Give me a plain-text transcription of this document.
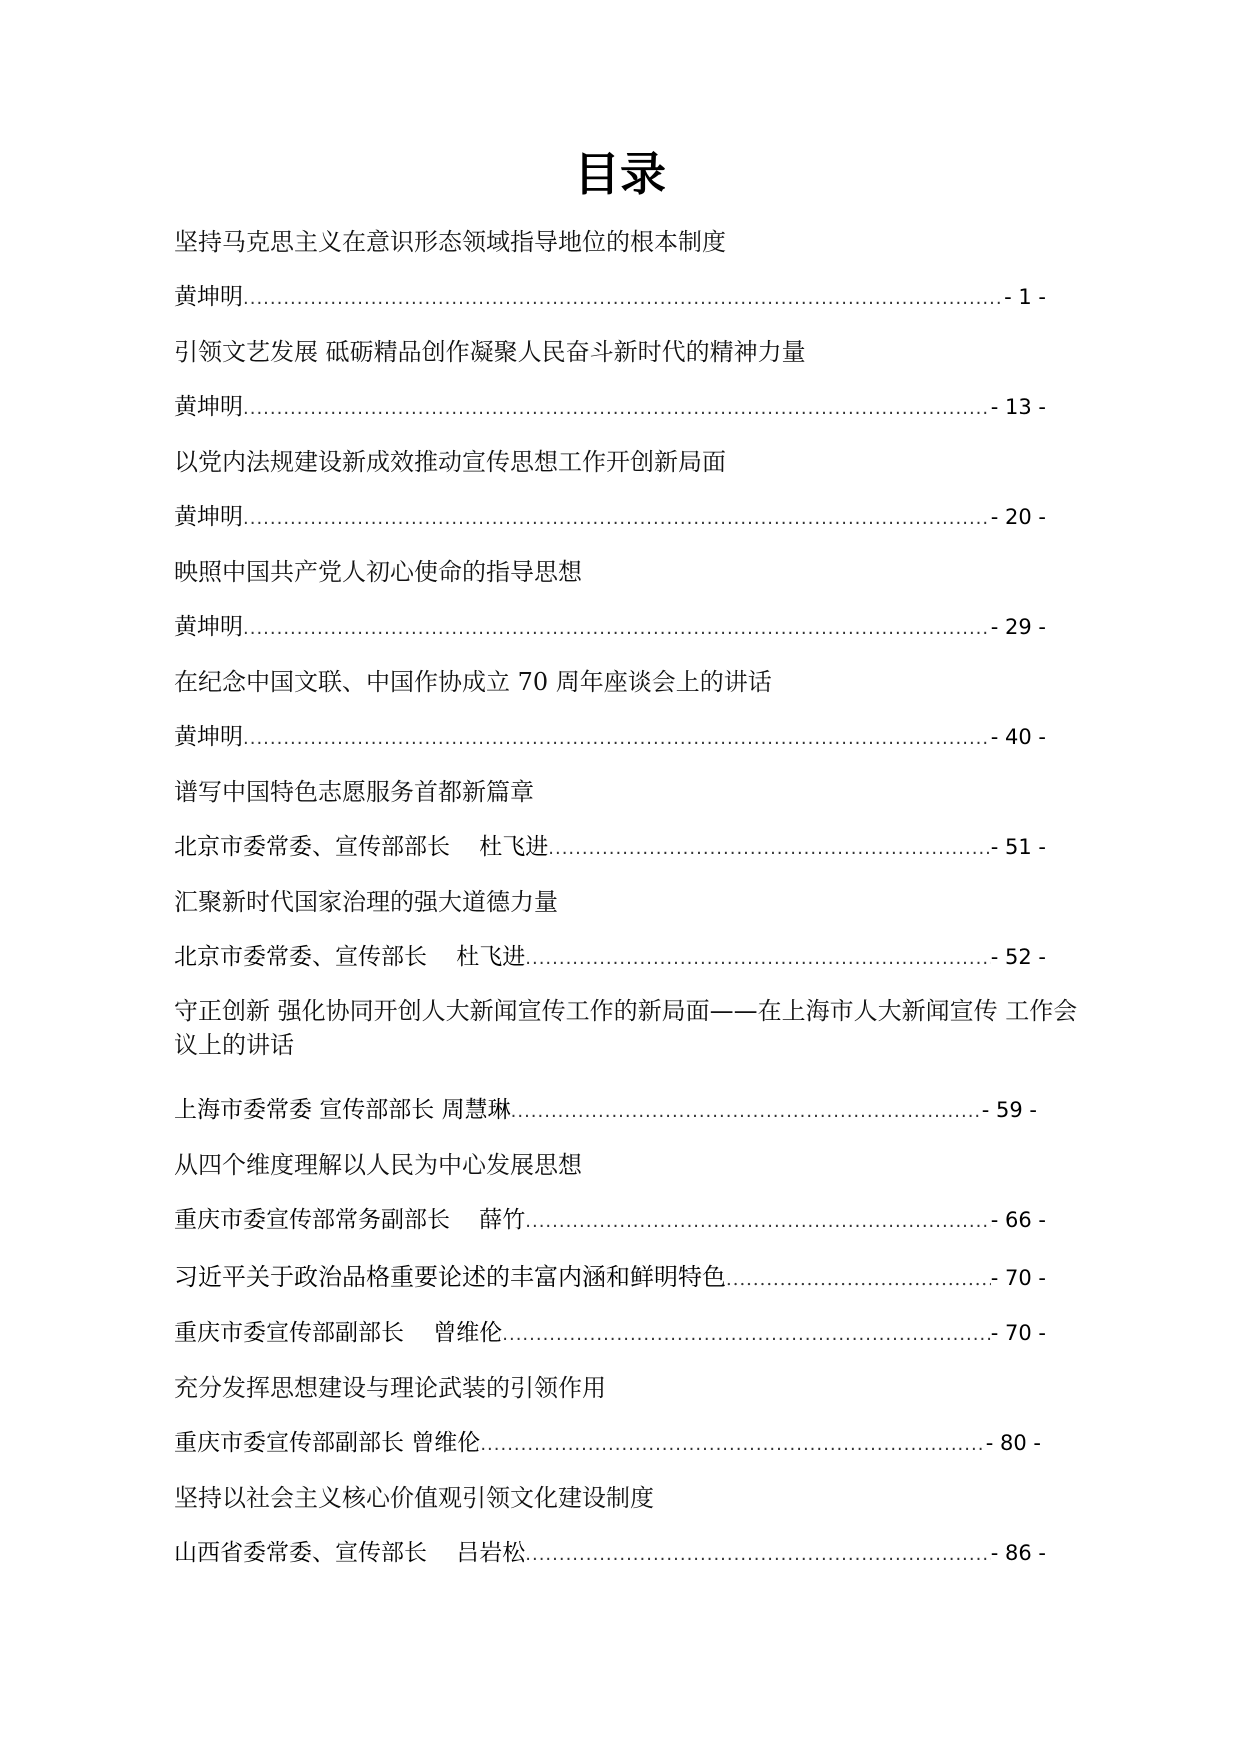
目录
坚持马克思主义在意识形态领域指导地位的根本制度
黄坤明 .....	- 1 -
引领文艺发展 砥砺精品创作凝聚人民奋斗新时代的精神力量
黄坤明 .....	- 13 -
以党内法规建设新成效推动宣传思想工作开创新局面
黄坤明 .....	- 20 -
映照中国共产党人初心使命的指导思想
黄坤明 .....	- 29 -
在纪念中国文联、中国作协成立 70 周年座谈会上的讲话
黄坤明 .....	- 40 -
谱写中国特色志愿服务首都新篇章
北京市委常委、宣传部部长    杜飞进 .....	- 51 -
汇聚新时代国家治理的强大道德力量
北京市委常委、宣传部长    杜飞进 .....	- 52 -
守正创新 强化协同开创人大新闻宣传工作的新局面——在上海市人大新闻宣传 工作会议上的讲话
上海市委常委 宣传部部长 周慧琳 .....	- 59 -
从四个维度理解以人民为中心发展思想
重庆市委宣传部常务副部长    薛竹 .....	- 66 -
习近平关于政治品格重要论述的丰富内涵和鲜明特色 .....	- 70 -
重庆市委宣传部副部长    曾维伦 .....	- 70 -
充分发挥思想建设与理论武装的引领作用
重庆市委宣传部副部长 曾维伦 .....	- 80 -
坚持以社会主义核心价值观引领文化建设制度
山西省委常委、宣传部长    吕岩松 .....	- 86 -
